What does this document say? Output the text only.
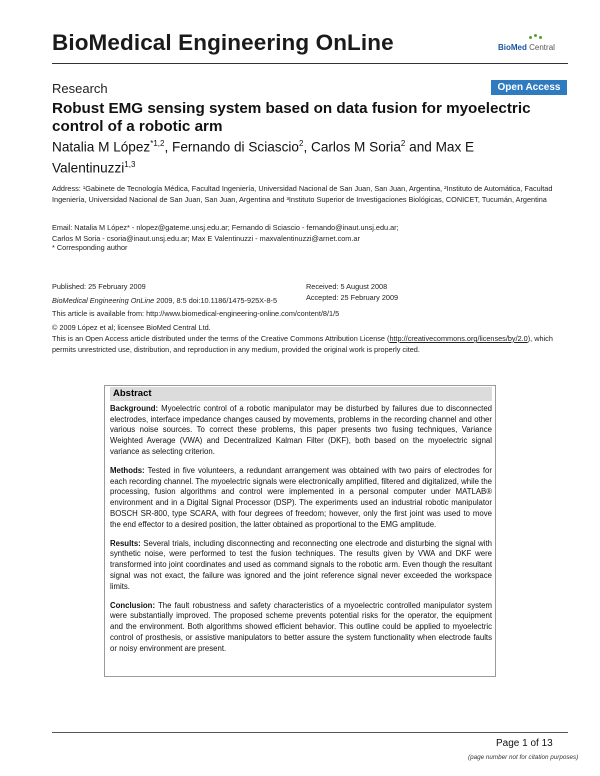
BioMedical Engineering OnLine	BioMed Central
Research	Open Access
Robust EMG sensing system based on data fusion for myoelectric control of a robotic arm
Natalia M López$^{*1,2}$, Fernando di Sciascio$^2$, Carlos M Soria$^2$ and Max E Valentinuzzi$^{1,3}$
Address: ¹Gabinete de Tecnología Médica, Facultad Ingeniería, Universidad Nacional de San Juan, San Juan, Argentina, ²Instituto de Automática, Facultad Ingeniería, Universidad Nacional de San Juan, San Juan, Argentina and ³Instituto Superior de Investigaciones Biológicas, CONICET, Tucumán, Argentina
Email: Natalia M López* - nlopez@gateme.unsj.edu.ar; Fernando di Sciascio - fernando@inaut.unsj.edu.ar;
Carlos M Soria - csoria@inaut.unsj.edu.ar; Max E Valentinuzzi - maxvalentinuzzi@arnet.com.ar
* Corresponding author
Published: 25 February 2009
BioMedical Engineering OnLine 2009, 8:5 doi:10.1186/1475-925X-8-5
Received: 5 August 2008
Accepted: 25 February 2009
This article is available from: http://www.biomedical-engineering-online.com/content/8/1/5
© 2009 López et al; licensee BioMed Central Ltd.
This is an Open Access article distributed under the terms of the Creative Commons Attribution License (http://creativecommons.org/licenses/by/2.0), which permits unrestricted use, distribution, and reproduction in any medium, provided the original work is properly cited.
Abstract

Background: Myoelectric control of a robotic manipulator may be disturbed by failures due to disconnected electrodes, interface impedance changes caused by movements, problems in the recording channel and other various noise sources. To correct these problems, this paper presents two fusing techniques, Variance Weighted Average (VWA) and Decentralized Kalman Filter (DKF), both based on the myoelectric signal variance as selecting criterion.

Methods: Tested in five volunteers, a redundant arrangement was obtained with two pairs of electrodes for each recording channel. The myoelectric signals were electronically amplified, filtered and digitalized, while the processing, fusion algorithms and control were implemented in a personal computer under MATLAB® environment and in a Digital Signal Processor (DSP). The experiments used an industrial robotic manipulator BOSCH SR-800, type SCARA, with four degrees of freedom; however, only the first joint was used to move the end effector to a desired position, the latter obtained as proportional to the EMG amplitude.

Results: Several trials, including disconnecting and reconnecting one electrode and disturbing the signal with synthetic noise, were performed to test the fusion techniques. The results given by VWA and DKF were transformed into joint coordinates and used as command signals to the robotic arm. Even though the resultant signal was not exact, the failure was ignored and the joint reference signal never exceeded the workspace limits.

Conclusion: The fault robustness and safety characteristics of a myoelectric controlled manipulator system were substantially improved. The proposed scheme prevents potential risks for the operator, the equipment and the environment. Both algorithms showed efficient behavior. This outline could be applied to myoelectric control of prosthesis, or assistive manipulators to better assure the system functionality when electrode faults or noisy environment are present.

Page 1 of 13
(page number not for citation purposes)
